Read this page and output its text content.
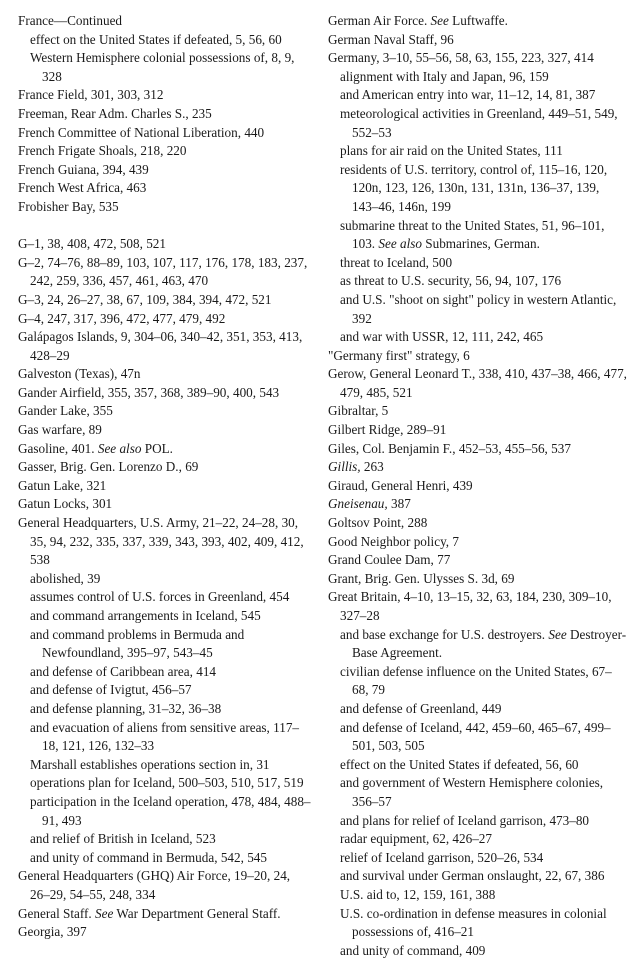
France—Continued

effect on the United States if defeated, 5, 56, 60

Western Hemisphere colonial possessions of, 8, 9, 328

France Field, 301, 303, 312

Freeman, Rear Adm. Charles S., 235

French Committee of National Liberation, 440

French Frigate Shoals, 218, 220

French Guiana, 394, 439

French West Africa, 463

Frobisher Bay, 535

G–1, 38, 408, 472, 508, 521

G–2, 74–76, 88–89, 103, 107, 117, 176, 178, 183, 237, 242, 259, 336, 457, 461, 463, 470

G–3, 24, 26–27, 38, 67, 109, 384, 394, 472, 521

G–4, 247, 317, 396, 472, 477, 479, 492

Galápagos Islands, 9, 304–06, 340–42, 351, 353, 413, 428–29

Galveston (Texas), 47n

Gander Airfield, 355, 357, 368, 389–90, 400, 543

Gander Lake, 355

Gas warfare, 89

Gasoline, 401. See also POL.

Gasser, Brig. Gen. Lorenzo D., 69

Gatun Lake, 321

Gatun Locks, 301

General Headquarters, U.S. Army, 21–22, 24–28, 30, 35, 94, 232, 335, 337, 339, 343, 393, 402, 409, 412, 538

abolished, 39

assumes control of U.S. forces in Greenland, 454

and command arrangements in Iceland, 545

and command problems in Bermuda and Newfoundland, 395–97, 543–45

and defense of Caribbean area, 414

and defense of Ivigtut, 456–57

and defense planning, 31–32, 36–38

and evacuation of aliens from sensitive areas, 117–18, 121, 126, 132–33

Marshall establishes operations section in, 31

operations plan for Iceland, 500–503, 510, 517, 519

participation in the Iceland operation, 478, 484, 488–91, 493

and relief of British in Iceland, 523

and unity of command in Bermuda, 542, 545

General Headquarters (GHQ) Air Force, 19–20, 24, 26–29, 54–55, 248, 334

General Staff. See War Department General Staff.

Georgia, 397

German Air Force. See Luftwaffe.

German Naval Staff, 96

Germany, 3–10, 55–56, 58, 63, 155, 223, 327, 414

alignment with Italy and Japan, 96, 159

and American entry into war, 11–12, 14, 81, 387

meteorological activities in Greenland, 449–51, 549, 552–53

plans for air raid on the United States, 111

residents of U.S. territory, control of, 115–16, 120, 120n, 123, 126, 130n, 131, 131n, 136–37, 139, 143–46, 146n, 199

submarine threat to the United States, 51, 96–101, 103. See also Submarines, German.

threat to Iceland, 500

as threat to U.S. security, 56, 94, 107, 176

and U.S. "shoot on sight" policy in western Atlantic, 392

and war with USSR, 12, 111, 242, 465

"Germany first" strategy, 6

Gerow, General Leonard T., 338, 410, 437–38, 466, 477, 479, 485, 521

Gibraltar, 5

Gilbert Ridge, 289–91

Giles, Col. Benjamin F., 452–53, 455–56, 537

Gillis, 263

Giraud, General Henri, 439

Gneisenau, 387

Goltsov Point, 288

Good Neighbor policy, 7

Grand Coulee Dam, 77

Grant, Brig. Gen. Ulysses S. 3d, 69

Great Britain, 4–10, 13–15, 32, 63, 184, 230, 309–10, 327–28

and base exchange for U.S. destroyers. See Destroyer-Base Agreement.

civilian defense influence on the United States, 67–68, 79

and defense of Greenland, 449

and defense of Iceland, 442, 459–60, 465–67, 499–501, 503, 505

effect on the United States if defeated, 56, 60

and government of Western Hemisphere colonies, 356–57

and plans for relief of Iceland garrison, 473–80

radar equipment, 62, 426–27

relief of Iceland garrison, 520–26, 534

and survival under German onslaught, 22, 67, 386

U.S. aid to, 12, 159, 161, 388

U.S. co-ordination in defense measures in colonial possessions of, 416–21

and unity of command, 409
